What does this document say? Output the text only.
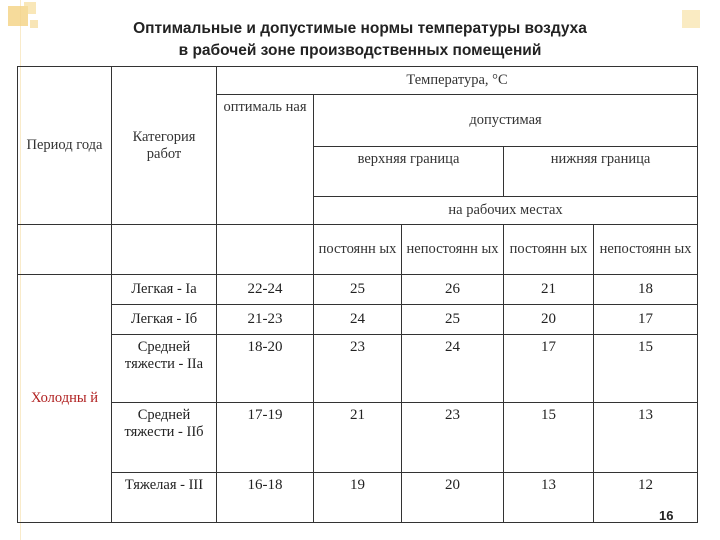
Оптимальные и допустимые нормы температуры воздуха
в рабочей зоне производственных помещений
Период года	Категория работ	Температура, °С				
		оптималь ная	допустимая			
			верхняя граница		нижняя граница	
			на рабочих местах			
			постоянн ых	непостоянн ых	постоянн ых	непостоянн ых
Холодны й	Легкая - Iа	22-24	25	26	21	18
	Легкая - Iб	21-23	24	25	20	17
	Средней тяжести - IIа	18-20	23	24	17	15
	Средней тяжести - IIб	17-19	21	23	15	13
	Тяжелая - III	16-18	19	20	13	12
16
